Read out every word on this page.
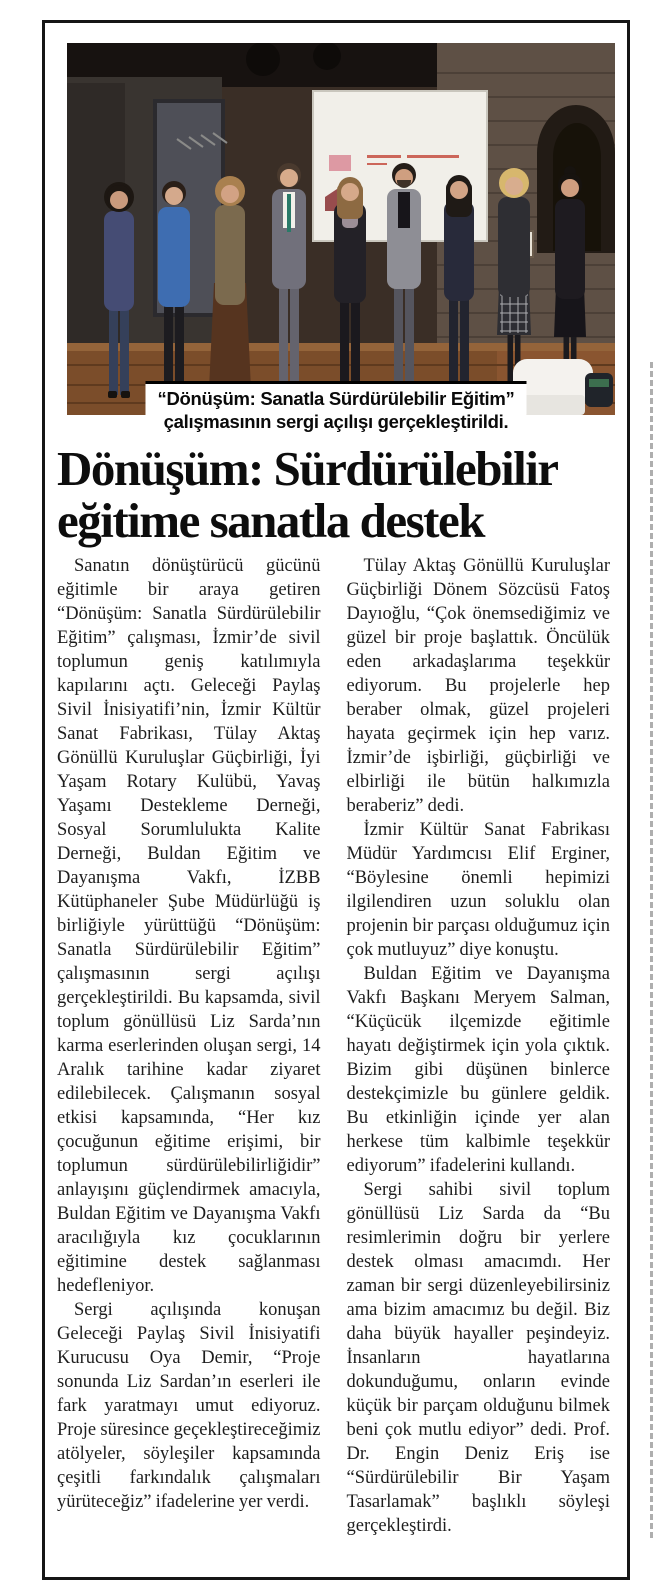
“Dönüşüm: Sanatla Sürdürülebilir Eğitim”
çalışmasının sergi açılışı gerçekleştirildi.
Dönüşüm: Sürdürülebilir
eğitime sanatla destek

Sanatın dönüştürücü gücünü eğitimle bir araya getiren “Dönüşüm: Sanatla Sürdürülebilir Eğitim” çalışması, İzmir’de sivil toplumun geniş katılımıyla kapılarını açtı. Geleceği Paylaş Sivil İnisiyatifi’nin, İzmir Kültür Sanat Fabrikası, Tülay Aktaş Gönüllü Kuruluşlar Güçbirliği, İyi Yaşam Rotary Kulübü, Yavaş Yaşamı Destekleme Derneği, Sosyal Sorumlulukta Kalite Derneği, Buldan Eğitim ve Dayanışma Vakfı, İZBB Kütüphaneler Şube Müdürlüğü iş birliğiyle yürüttüğü “Dönüşüm: Sanatla Sürdürülebilir Eğitim” çalışmasının sergi açılışı gerçekleştirildi. Bu kapsamda, sivil toplum gönüllüsü Liz Sarda’nın karma eserlerinden oluşan sergi, 14 Aralık tarihine kadar ziyaret edilebilecek. Çalışmanın sosyal etkisi kapsamında, “Her kız çocuğunun eğitime erişimi, bir toplumun sürdürülebilirliğidir” anlayışını güçlendirmek amacıyla, Buldan Eğitim ve Dayanışma Vakfı aracılığıyla kız çocuklarının eğitimine destek sağlanması hedefleniyor.

Sergi açılışında konuşan Geleceği Paylaş Sivil İnisiyatifi Kurucusu Oya Demir, “Proje sonunda Liz Sardan’ın eserleri ile fark yaratmayı umut ediyoruz. Proje süresince geçekleştireceğimiz atölyeler, söyleşiler kapsamında çeşitli farkındalık çalışmaları yürüteceğiz” ifadelerine yer verdi.

Tülay Aktaş Gönüllü Kuruluşlar Güçbirliği Dönem Sözcüsü Fatoş Dayıoğlu, “Çok önemsediğimiz ve güzel bir proje başlattık. Öncülük eden arkadaşlarıma teşekkür ediyorum. Bu projelerle hep beraber olmak, güzel projeleri hayata geçirmek için hep varız. İzmir’de işbirliği, güçbirliği ve elbirliği ile bütün halkımızla beraberiz” dedi.

İzmir Kültür Sanat Fabrikası Müdür Yardımcısı Elif Erginer, “Böylesine önemli hepimizi ilgilendiren uzun soluklu olan projenin bir parçası olduğumuz için çok mutluyuz” diye konuştu.

Buldan Eğitim ve Dayanışma Vakfı Başkanı Meryem Salman, “Küçücük ilçemizde eğitimle hayatı değiştirmek için yola çıktık. Bizim gibi düşünen binlerce destekçimizle bu günlere geldik. Bu etkinliğin içinde yer alan herkese tüm kalbimle teşekkür ediyorum” ifadelerini kullandı.

Sergi sahibi sivil toplum gönüllüsü Liz Sarda da “Bu resimlerimin doğru bir yerlere destek olması amacımdı. Her zaman bir sergi düzenleyebilirsiniz ama bizim amacımız bu değil. Biz daha büyük hayaller peşindeyiz. İnsanların hayatlarına dokunduğumu, onların evinde küçük bir parçam olduğunu bilmek beni çok mutlu ediyor” dedi. Prof. Dr. Engin Deniz Eriş ise “Sürdürülebilir Bir Yaşam Tasarlamak” başlıklı söyleşi gerçekleştirdi.
